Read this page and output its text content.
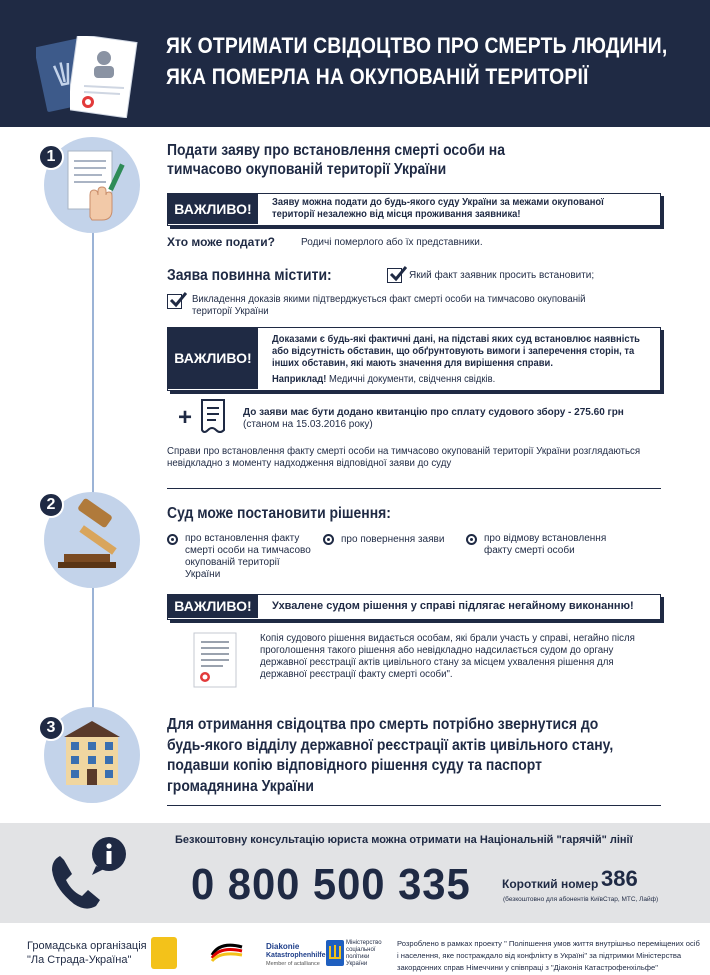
ЯК ОТРИМАТИ СВІДОЦТВО ПРО СМЕРТЬ ЛЮДИНИ,
ЯКА ПОМЕРЛА НА ОКУПОВАНІЙ ТЕРИТОРІЇ
1	Подати заяву про встановлення смерті особи на
тимчасово окупованій території України
ВАЖЛИВО!	Заяву можна подати до будь-якого суду України за межами окупованої
території незалежно від місця проживання заявника!
Хто може подати?	Родичі померлого або їх представники.
Заява повинна містити:	Який факт заявник просить встановити;
Викладення доказів якими підтверджується факт смерті особи на тимчасово окупованій
території України
ВАЖЛИВО!
Доказами є будь-які фактичні дані, на підставі яких суд встановлює наявність
або відсутність обставин, що обґрунтовують вимоги і заперечення сторін, та
інших обставин, які мають значення для вирішення справи.
Наприклад! Медичні документи, свідчення свідків.
+	До заяви має бути додано квитанцію про сплату судового збору - 275.60 грн
(станом на 15.03.2016 року)
Справи про встановлення факту смерті особи на тимчасово окупованій території України розглядаються
невідкладно з моменту надходження відповідної заяви до суду
2
Суд може постановити рішення:
про встановлення факту
смерті особи на тимчасово
окупованій території
України
про повернення заяви	про відмову встановлення
факту смерті особи
ВАЖЛИВО!	Ухвалене судом рішення у справі підлягає негайному виконанню!
Копія судового рішення видається особам, які брали участь у справі, негайно після
проголошення такого рішення або невідкладно надсилається судом до органу
державної реєстрації актів цивільного стану за місцем ухвалення рішення для
державної реєстрації факту смерті особи".
3	Для отримання свідоцтва про смерть потрібно звернутися до
будь-якого відділу державної реєстрації актів цивільного стану,
подавши копію відповідного рішення суду та паспорт
громадянина України
Безкоштовну консультацію юриста можна отримати на Національній "гарячій" лінії
0 800 500 335	Короткий номер 386
(безкоштовно для абонентів КиївСтар, МТС, Лайф)
Громадська організація
"Ла Страда-Україна"
Diakonie
Katastrophenhilfe
Member of actalliance
Міністерство
соціальної
політики
України
Розроблено в рамках проекту " Поліпшення умов життя внутрішньо переміщених осіб
і населення, яке постраждало від конфлікту в Україні" за підтримки Міністерства
закордонних справ Німеччини у співпраці з "Діаконія Катастрофенхільфе"
